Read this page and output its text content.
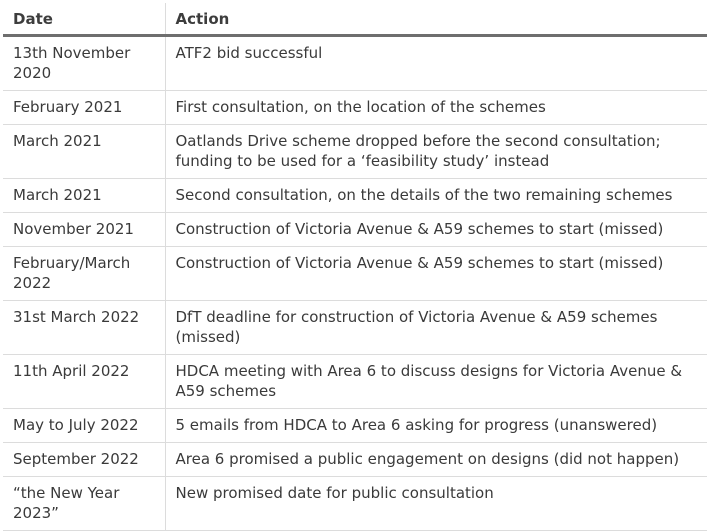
Date	Action
13th November 2020	ATF2 bid successful
February 2021	First consultation, on the location of the schemes
March 2021	Oatlands Drive scheme dropped before the second consultation; funding to be used for a ‘feasibility study’ instead
March 2021	Second consultation, on the details of the two remaining schemes
November 2021	Construction of Victoria Avenue & A59 schemes to start (missed)
February/March 2022	Construction of Victoria Avenue & A59 schemes to start (missed)
31st March 2022	DfT deadline for construction of Victoria Avenue & A59 schemes (missed)
11th April 2022	HDCA meeting with Area 6 to discuss designs for Victoria Avenue & A59 schemes
May to July 2022	5 emails from HDCA to Area 6 asking for progress (unanswered)
September 2022	Area 6 promised a public engagement on designs (did not happen)
“the New Year 2023”	New promised date for public consultation
